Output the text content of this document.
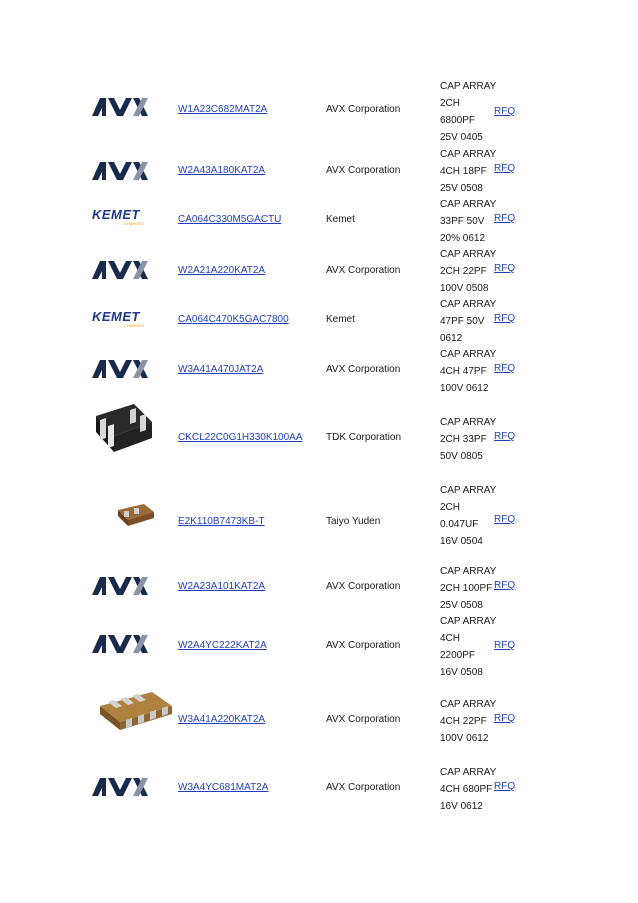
W1A23C682MAT2A	AVX Corporation
CAP ARRAY
2CH
6800PF
25V 0405
RFQ
W2A43A180KAT2A	AVX Corporation
CAP ARRAY
4CH 18PF
25V 0508
RFQ
KEMET
CHARGED	CA064C330M5GACTU	Kemet
CAP ARRAY
33PF 50V
20% 0612
RFQ
W2A21A220KAT2A	AVX Corporation
CAP ARRAY
2CH 22PF
100V 0508
RFQ
KEMET
CHARGED
CA064C470K5GAC7800	Kemet
CAP ARRAY
47PF 50V
0612
RFQ
W3A41A470JAT2A	AVX Corporation
CAP ARRAY
4CH 47PF
100V 0612
RFQ
CKCL22C0G1H330K100AA TDK Corporation
CAP ARRAY
2CH 33PF
50V 0805
RFQ
E2K110B7473KB-T	Taiyo Yuden
CAP ARRAY
2CH
0.047UF
16V 0504
RFQ
W2A23A101KAT2A	AVX Corporation
CAP ARRAY
2CH 100PF
25V 0508
RFQ
W2A4YC222KAT2A	AVX Corporation
CAP ARRAY
4CH
2200PF
16V 0508
RFQ
W3A41A220KAT2A	AVX Corporation
CAP ARRAY
4CH 22PF
100V 0612
RFQ
W3A4YC681MAT2A	AVX Corporation
CAP ARRAY
4CH 680PF
16V 0612
RFQ
